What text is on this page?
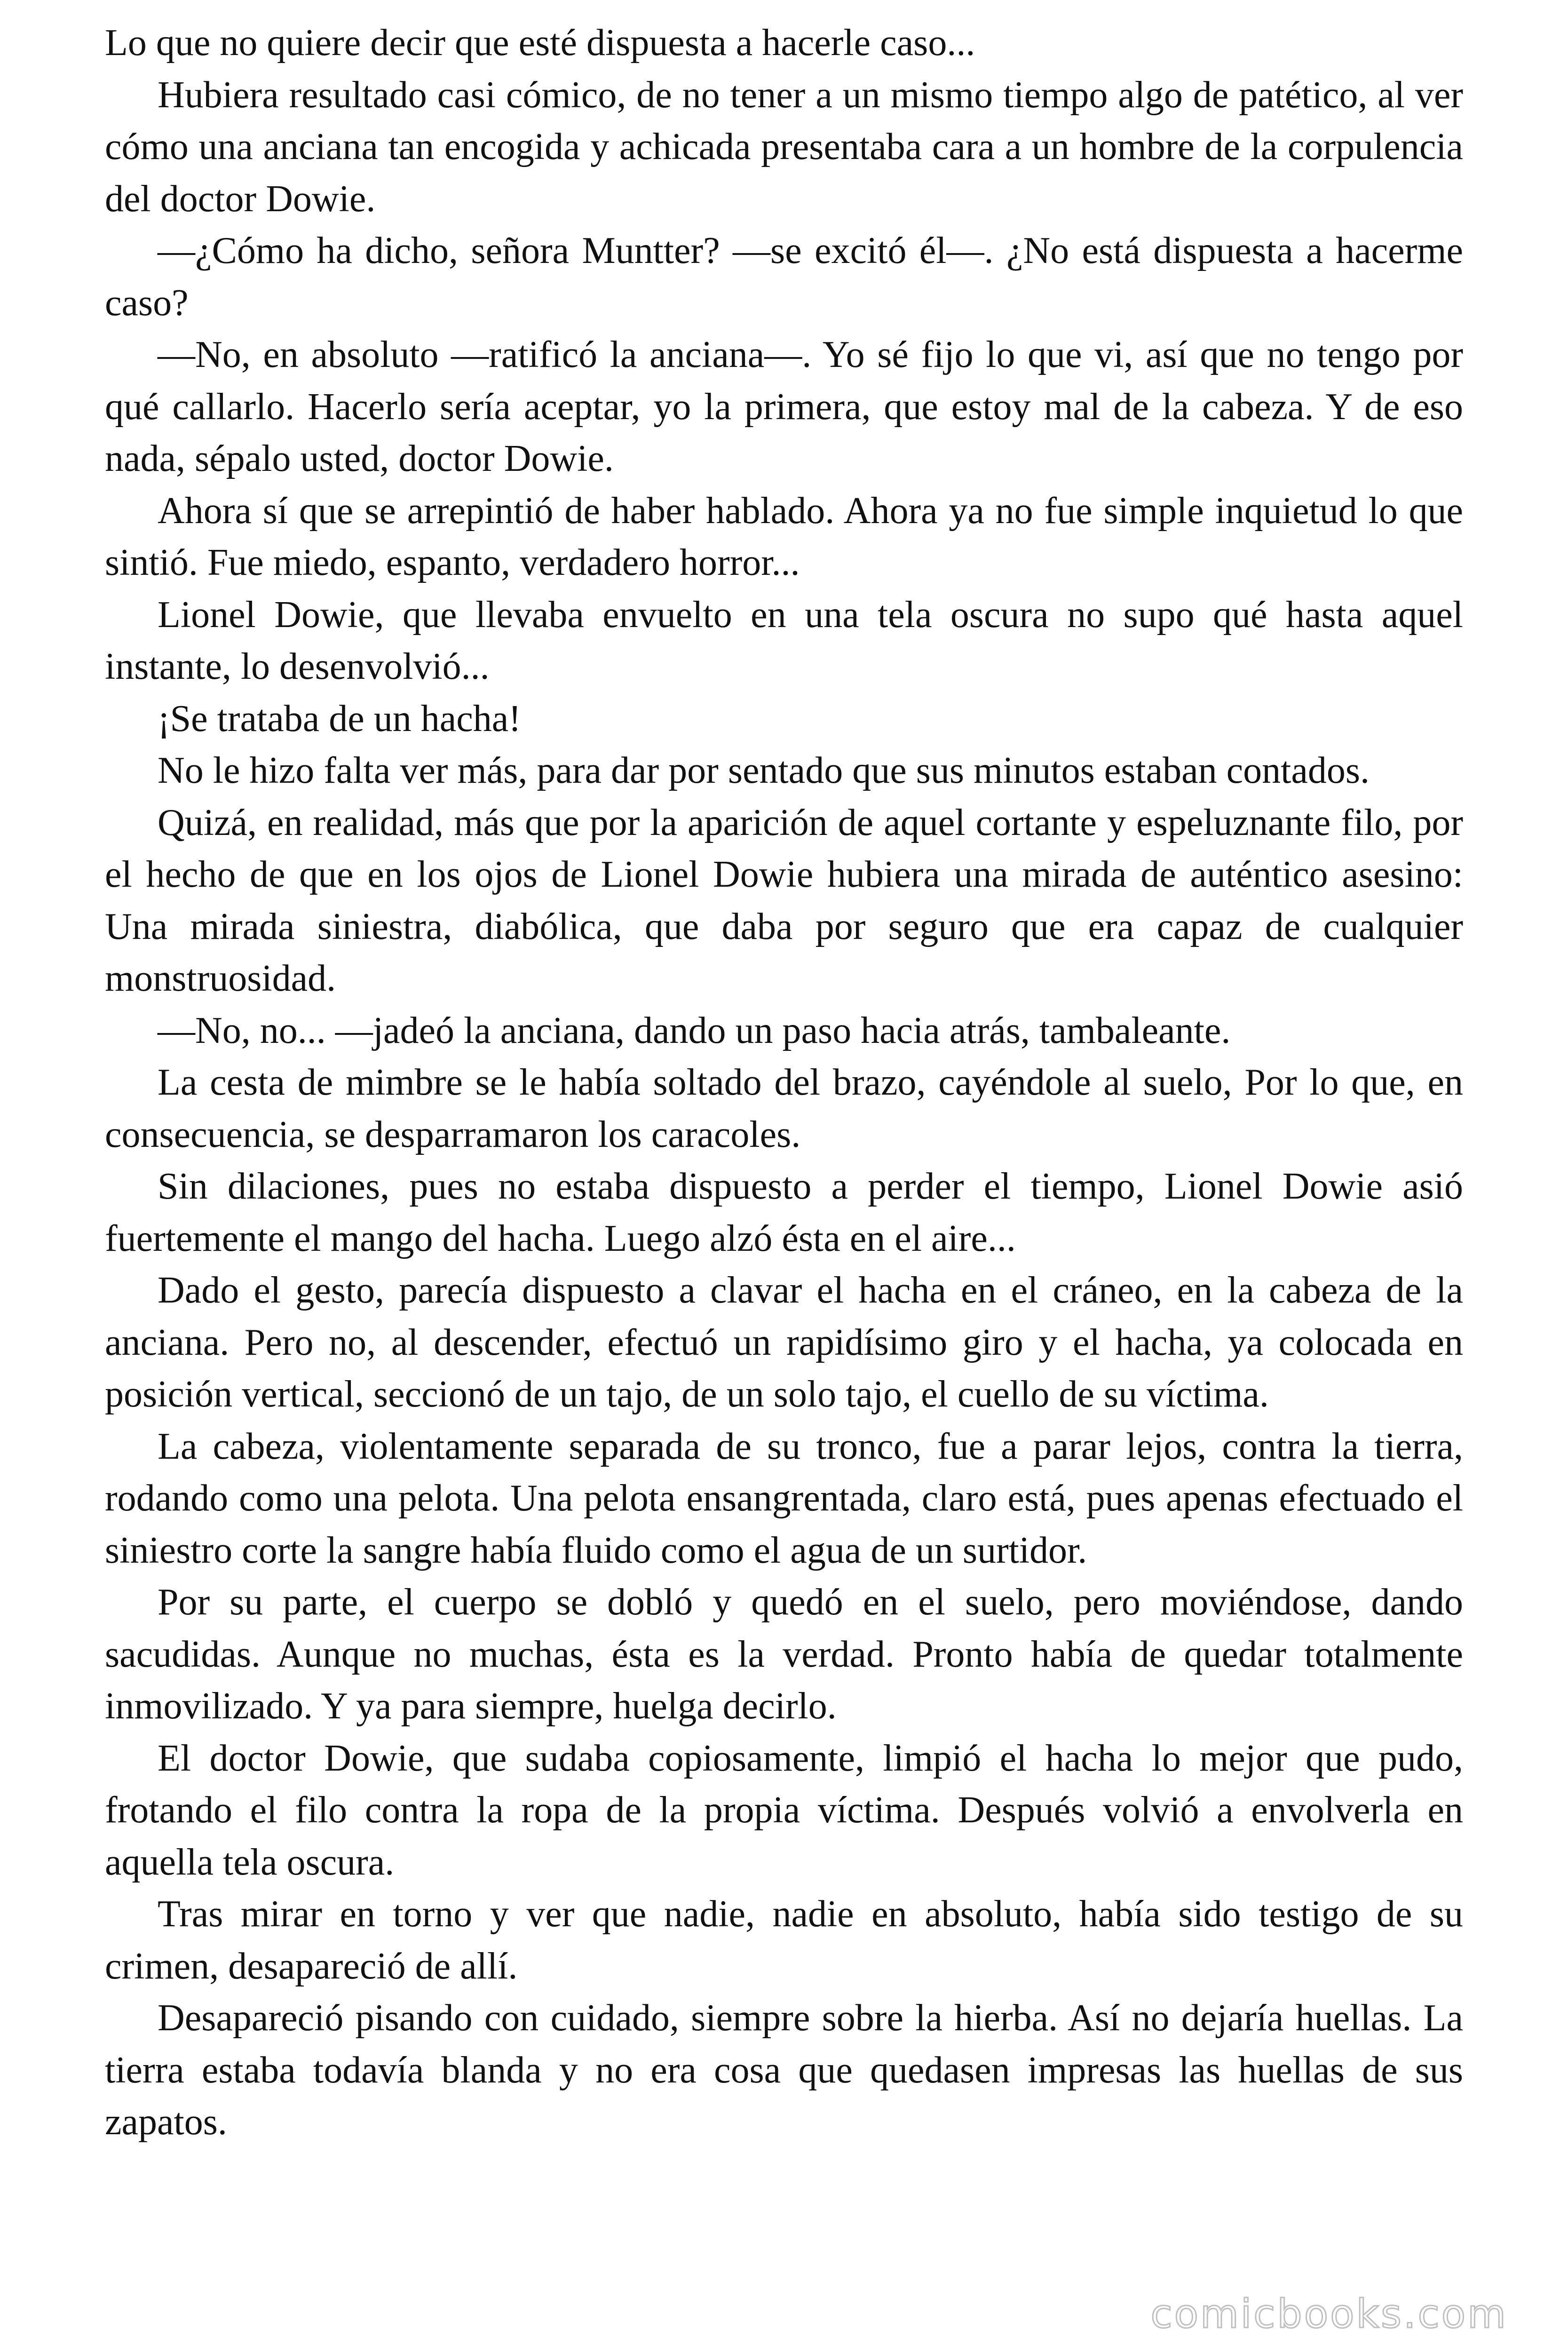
Lo que no quiere decir que esté dispuesta a hacerle caso...

Hubiera resultado casi cómico, de no tener a un mismo tiempo algo de patético, al ver cómo una anciana tan encogida y achicada presentaba cara a un hombre de la corpulencia del doctor Dowie.

—¿Cómo ha dicho, señora Muntter? —se excitó él—. ¿No está dispuesta a hacerme caso?

—No, en absoluto —ratificó la anciana—. Yo sé fijo lo que vi, así que no tengo por qué callarlo. Hacerlo sería aceptar, yo la primera, que estoy mal de la cabeza. Y de eso nada, sépalo usted, doctor Dowie.

Ahora sí que se arrepintió de haber hablado. Ahora ya no fue simple inquietud lo que sintió. Fue miedo, espanto, verdadero horror...

Lionel Dowie, que llevaba envuelto en una tela oscura no supo qué hasta aquel instante, lo desenvolvió...

¡Se trataba de un hacha!

No le hizo falta ver más, para dar por sentado que sus minutos estaban contados.

Quizá, en realidad, más que por la aparición de aquel cortante y espeluznante filo, por el hecho de que en los ojos de Lionel Dowie hubiera una mirada de auténtico asesino: Una mirada siniestra, diabólica, que daba por seguro que era capaz de cualquier monstruosidad.

—No, no... —jadeó la anciana, dando un paso hacia atrás, tambaleante.

La cesta de mimbre se le había soltado del brazo, cayéndole al suelo, Por lo que, en consecuencia, se desparramaron los caracoles.

Sin dilaciones, pues no estaba dispuesto a perder el tiempo, Lionel Dowie asió fuertemente el mango del hacha. Luego alzó ésta en el aire...

Dado el gesto, parecía dispuesto a clavar el hacha en el cráneo, en la cabeza de la anciana. Pero no, al descender, efectuó un rapidísimo giro y el hacha, ya colocada en posición vertical, seccionó de un tajo, de un solo tajo, el cuello de su víctima.

La cabeza, violentamente separada de su tronco, fue a parar lejos, contra la tierra, rodando como una pelota. Una pelota ensangrentada, claro está, pues apenas efectuado el siniestro corte la sangre había fluido como el agua de un surtidor.

Por su parte, el cuerpo se dobló y quedó en el suelo, pero moviéndose, dando sacudidas. Aunque no muchas, ésta es la verdad. Pronto había de quedar totalmente inmovilizado. Y ya para siempre, huelga decirlo.

El doctor Dowie, que sudaba copiosamente, limpió el hacha lo mejor que pudo, frotando el filo contra la ropa de la propia víctima. Después volvió a envolverla en aquella tela oscura.

Tras mirar en torno y ver que nadie, nadie en absoluto, había sido testigo de su crimen, desapareció de allí.

Desapareció pisando con cuidado, siempre sobre la hierba. Así no dejaría huellas. La tierra estaba todavía blanda y no era cosa que quedasen impresas las huellas de sus zapatos.

comicbooks.com
